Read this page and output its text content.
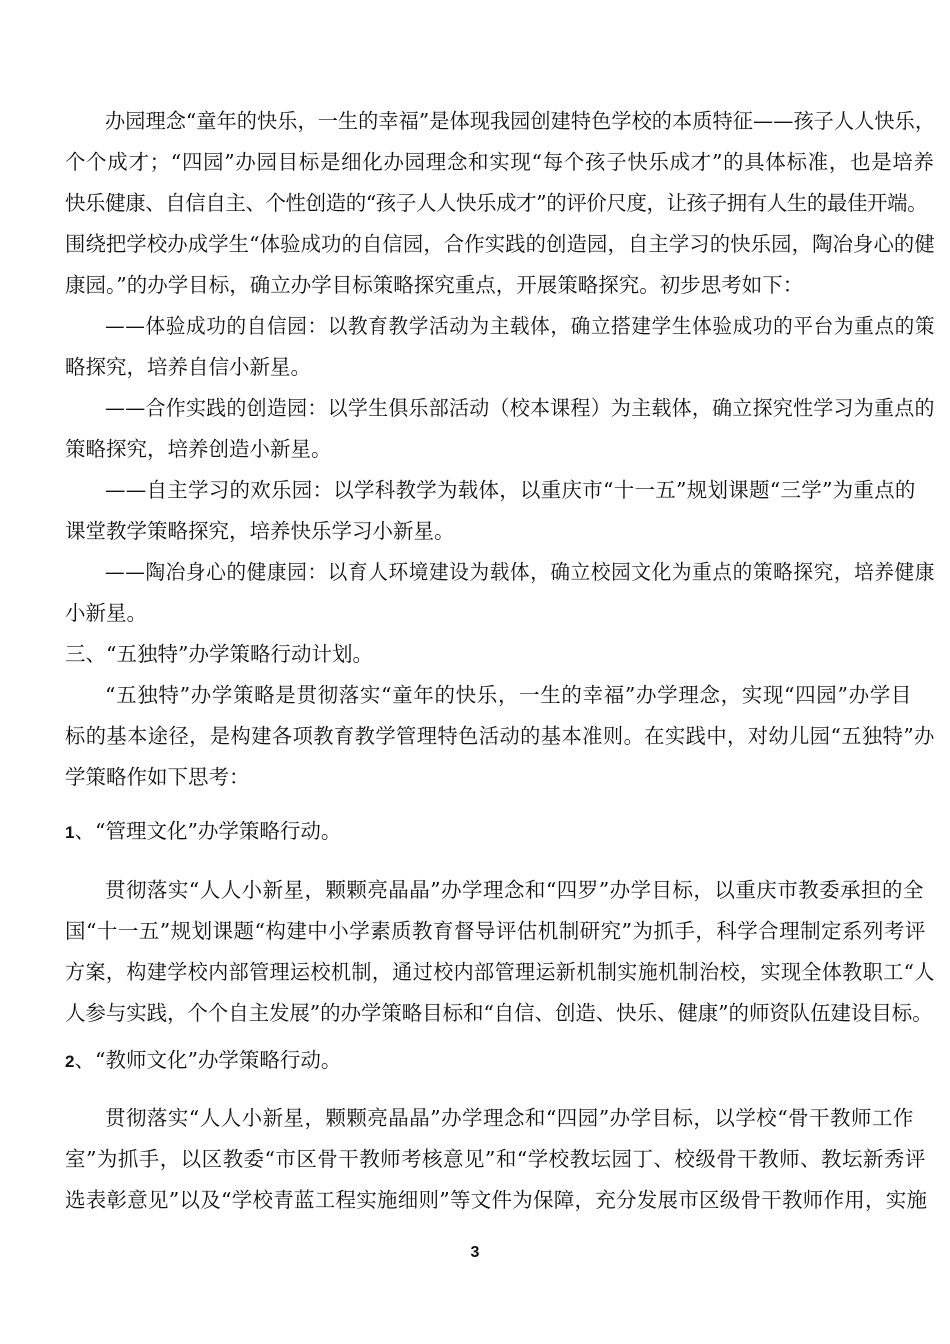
办园理念“童年的快乐，一生的幸福”是体现我园创建特色学校的本质特征——孩子人人快乐，
个个成才；“四园”办园目标是细化办园理念和实现“每个孩子快乐成才”的具体标准，也是培养
快乐健康、自信自主、个性创造的“孩子人人快乐成才”的评价尺度，让孩子拥有人生的最佳开端。
围绕把学校办成学生“体验成功的自信园，合作实践的创造园，自主学习的快乐园，陶冶身心的健
康园。”的办学目标，确立办学目标策略探究重点，开展策略探究。初步思考如下：
——体验成功的自信园：以教育教学活动为主载体，确立搭建学生体验成功的平台为重点的策
略探究，培养自信小新星。
——合作实践的创造园：以学生俱乐部活动（校本课程）为主载体，确立探究性学习为重点的
策略探究，培养创造小新星。
——自主学习的欢乐园：以学科教学为载体，以重庆市“十一五”规划课题“三学”为重点的
课堂教学策略探究，培养快乐学习小新星。
——陶冶身心的健康园：以育人环境建设为载体，确立校园文化为重点的策略探究，培养健康
小新星。
三、“五独特”办学策略行动计划。
“五独特”办学策略是贯彻落实“童年的快乐，一生的幸福”办学理念，实现“四园”办学目
标的基本途径，是构建各项教育教学管理特色活动的基本准则。在实践中，对幼儿园“五独特”办
学策略作如下思考：
1、“管理文化”办学策略行动。
贯彻落实“人人小新星，颗颗亮晶晶”办学理念和“四罗”办学目标，以重庆市教委承担的全
国“十一五”规划课题“构建中小学素质教育督导评估机制研究”为抓手，科学合理制定系列考评
方案，构建学校内部管理运校机制，通过校内部管理运新机制实施机制治校，实现全体教职工“人
人参与实践，个个自主发展”的办学策略目标和“自信、创造、快乐、健康”的师资队伍建设目标。
2、“教师文化”办学策略行动。
贯彻落实“人人小新星，颗颗亮晶晶”办学理念和“四园”办学目标，以学校“骨干教师工作
室”为抓手，以区教委“市区骨干教师考核意见”和“学校教坛园丁、校级骨干教师、教坛新秀评
选表彰意见”以及“学校青蓝工程实施细则”等文件为保障，充分发展市区级骨干教师作用，实施
3
